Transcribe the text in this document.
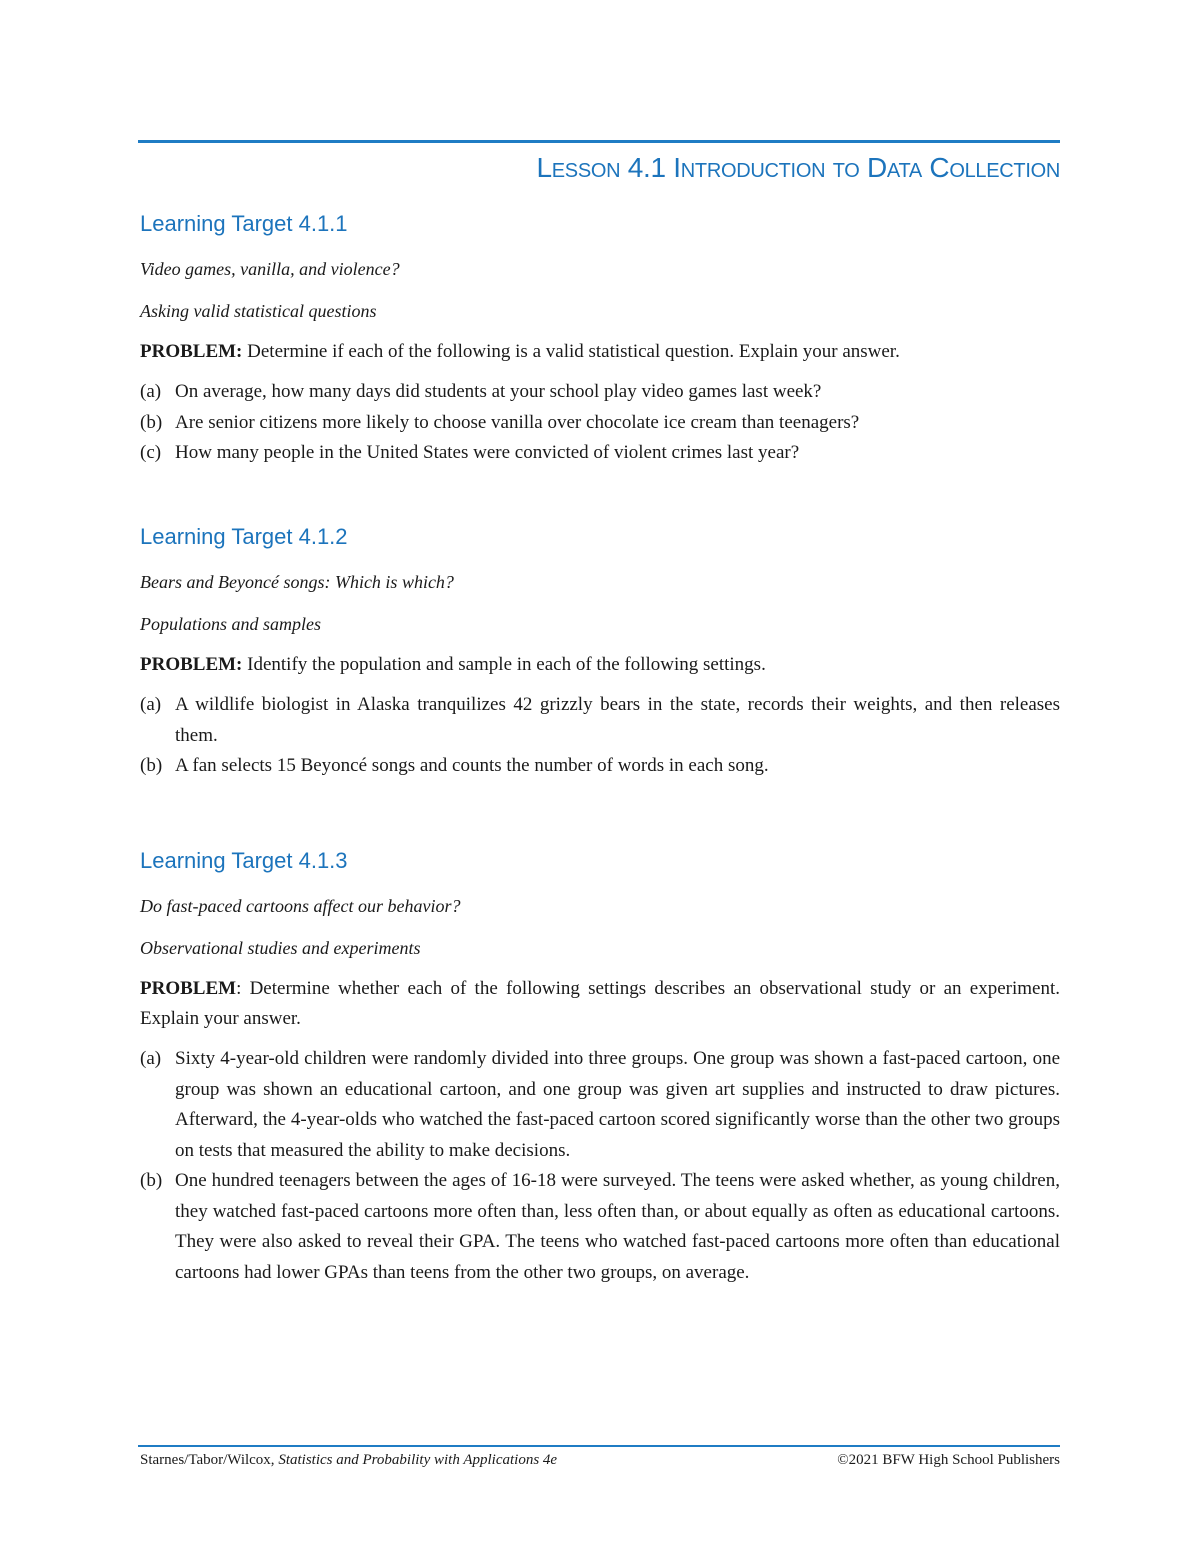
Lesson 4.1 Introduction to Data Collection
Learning Target 4.1.1

Video games, vanilla, and violence?

Asking valid statistical questions

PROBLEM: Determine if each of the following is a valid statistical question. Explain your answer.

(a) On average, how many days did students at your school play video games last week?
(b) Are senior citizens more likely to choose vanilla over chocolate ice cream than teenagers?
(c) How many people in the United States were convicted of violent crimes last year?
Learning Target 4.1.2

Bears and Beyoncé songs: Which is which?

Populations and samples

PROBLEM: Identify the population and sample in each of the following settings.

(a) A wildlife biologist in Alaska tranquilizes 42 grizzly bears in the state, records their weights, and then releases them.
(b) A fan selects 15 Beyoncé songs and counts the number of words in each song.
Learning Target 4.1.3

Do fast-paced cartoons affect our behavior?

Observational studies and experiments

PROBLEM: Determine whether each of the following settings describes an observational study or an experiment. Explain your answer.

(a) Sixty 4-year-old children were randomly divided into three groups. One group was shown a fast-paced cartoon, one group was shown an educational cartoon, and one group was given art supplies and instructed to draw pictures. Afterward, the 4-year-olds who watched the fast-paced cartoon scored significantly worse than the other two groups on tests that measured the ability to make decisions.
(b) One hundred teenagers between the ages of 16-18 were surveyed. The teens were asked whether, as young children, they watched fast-paced cartoons more often than, less often than, or about equally as often as educational cartoons. They were also asked to reveal their GPA. The teens who watched fast-paced cartoons more often than educational cartoons had lower GPAs than teens from the other two groups, on average.
Starnes/Tabor/Wilcox, Statistics and Probability with Applications 4e	©2021 BFW High School Publishers
